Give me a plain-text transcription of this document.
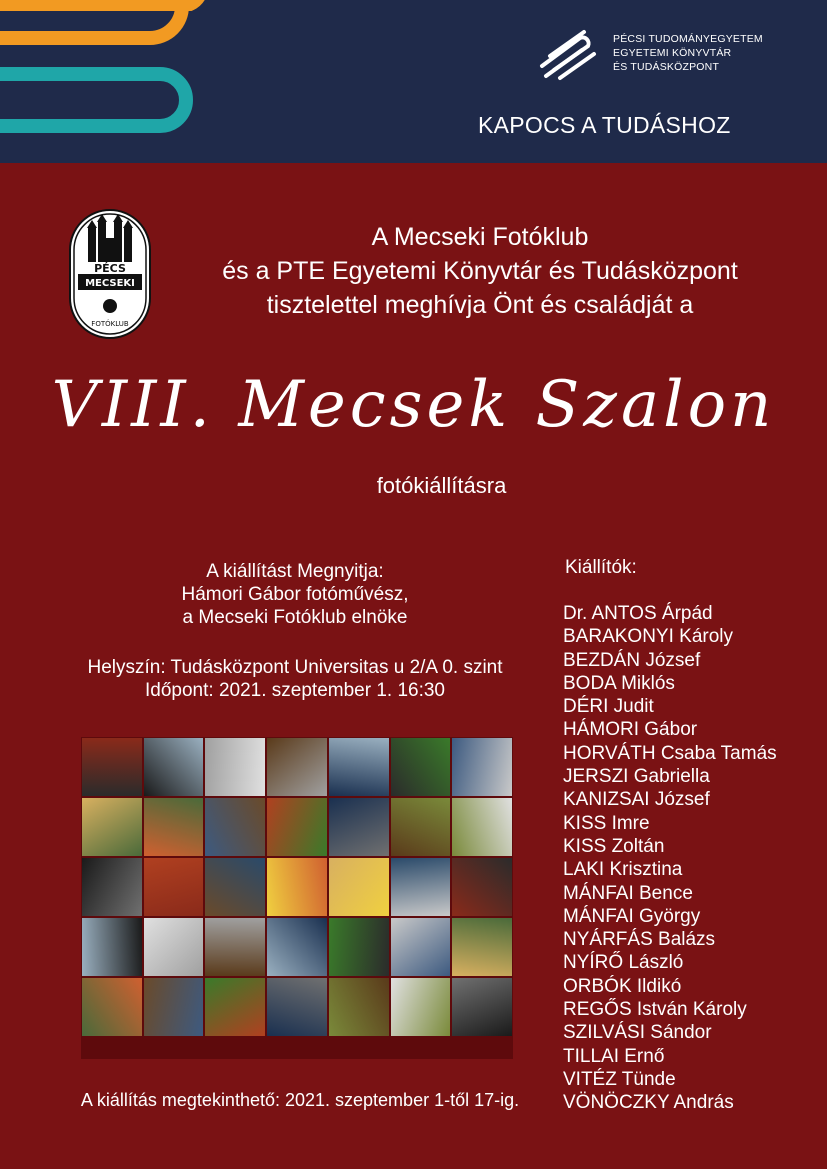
PÉCSI TUDOMÁNYEGYETEM
EGYETEMI KÖNYVTÁR
ÉS TUDÁSKÖZPONT
KAPOCS A TUDÁSHOZ
PÉCS
MECSEKI
FOTÓKLUB
A Mecseki Fotóklub
és a PTE Egyetemi Könyvtár és Tudásközpont
tisztelettel meghívja Önt és családját a
VIII. Mecsek Szalon
fotókiállításra
A kiállítást Megnyitja:
Hámori Gábor fotóművész,
a Mecseki Fotóklub elnöke
Helyszín: Tudásközpont Universitas u 2/A 0. szint
Időpont: 2021. szeptember 1. 16:30
Kiállítók:
Dr. ANTOS Árpád
BARAKONYI Károly
BEZDÁN József
BODA Miklós
DÉRI Judit
HÁMORI Gábor
HORVÁTH Csaba Tamás
JERSZI Gabriella
KANIZSAI József
KISS Imre
KISS Zoltán
LAKI Krisztina
MÁNFAI Bence
MÁNFAI György
NYÁRFÁS Balázs
NYÍRŐ László
ORBÓK Ildikó
REGŐS István Károly
SZILVÁSI Sándor
TILLAI Ernő
VITÉZ Tünde
VÖNÖCZKY András
A kiállítás megtekinthető: 2021. szeptember 1-től 17-ig.
